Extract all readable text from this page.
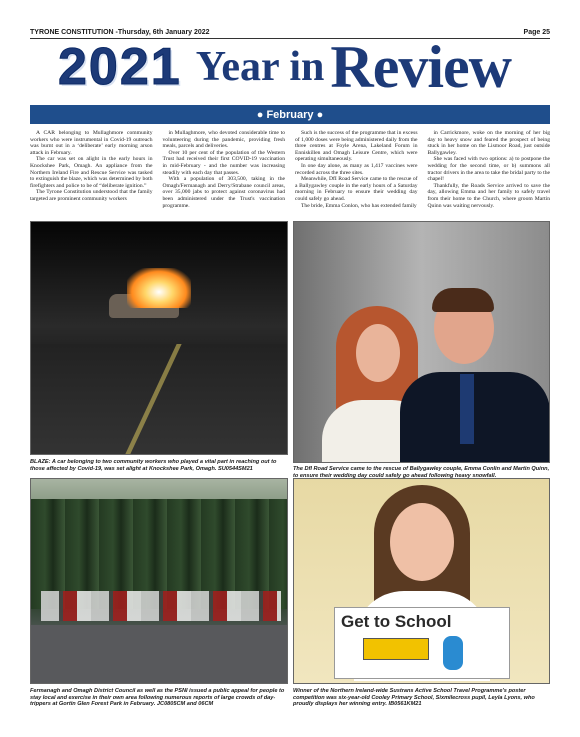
TYRONE CONSTITUTION -Thursday, 6th January 2022	Page 25
2021 Year in Review
● February ●

A CAR belonging to Mullaghmore community workers who were instrumental in Covid-19 outreach was burnt out in a ‘deliberate’ early morning arson attack in February.

The car was set on alight in the early hours in Knockshee Park, Omagh. An appliance from the Northern Ireland Fire and Rescue Service was tasked to extinguish the blaze, which was determined by both firefighters and police to be of “deliberate ignition.”

The Tyrone Constitution understood that the family targeted are prominent community workers

in Mullaghmore, who devoted considerable time to volunteering during the pandemic, providing fresh meals, parcels and deliveries.

Over 10 per cent of the population of the Western Trust had received their first COVID-19 vaccination in mid-February - and the number was increasing steadily with each day that passes.

With a population of 303,500, taking in the Omagh/Fermanagh and Derry/Strabane council areas, over 35,000 jabs to protect against coronavirus had been administered under the Trust's vaccination programme.

Such is the success of the programme that in excess of 1,000 doses were being administered daily from the three centres at Foyle Arena, Lakeland Forum in Enniskillen and Omagh Leisure Centre, which were operating simultaneously.

In one day alone, as many as 1,417 vaccines were recorded across the three sites.

Meanwhile, DfI Road Service came to the rescue of a Ballygawley couple in the early hours of a Saturday morning in February to ensure their wedding day could safely go ahead.

The bride, Emma Conlon, who has extended family

in Carrickmore, woke on the morning of her big day to heavy snow and feared the prospect of being stuck in her home on the Lismoor Road, just outside Ballygawley.

She was faced with two options: a) to postpone the wedding for the second time, or b) summons all tractor drivers in the area to take the bridal party to the chapel!

Thankfully, the Roads Service arrived to save the day, allowing Emma and her family to safely travel from their home to the Church, where groom Martin Quinn was waiting nervously.

Get to School
BLAZE: A car belonging to two community workers who played a vital part in reaching out to those affected by Covid-19, was set alight at Knockshee Park, Omagh. SU0544SM21	The DfI Road Service came to the rescue of Ballygawley couple, Emma Conlin and Martin Quinn, to ensure their wedding day could safely go ahead following heavy snowfall.
Fermanagh and Omagh District Council as well as the PSNI issued a public appeal for people to stay local and exercise in their own area following numerous reports of large crowds of day-trippers at Gortin Glen Forest Park in February. JC0805CM and 06CM
Winner of the Northern Ireland-wide Sustrans Active School Travel Programme's poster competition was six-year-old Cooley Primary School, Sixmilecross pupil, Leyla Lyons, who proudly displays her winning entry. IB0561KM21
